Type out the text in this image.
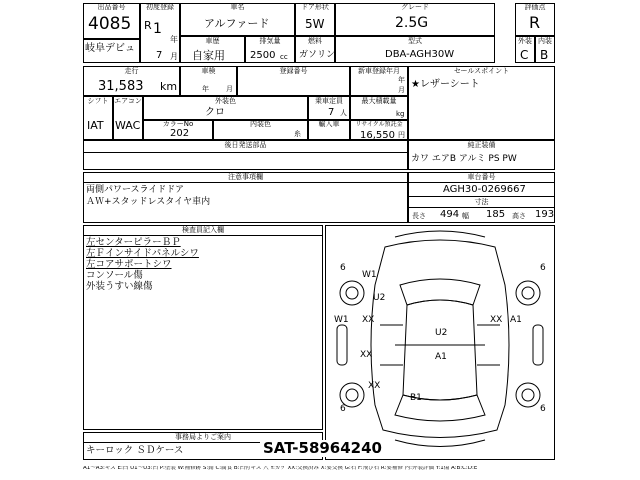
出品番号
4085
初度登録
R 1
年
7 月
車名
アルファード
ドア形状
5W
グレード
2.5G
評価点
R
岐阜デビュ
車歴
自家用
排気量
2500 cc
燃料
ガソリン
型式
DBA-AGH30W
外装
C
内装
B
走行
31,583 km
車検
年 月
登録番号	新車登録年月
年
月
セールスポイント
★レザーシート
シフト
IAT
エアコン
WAC
外装色
クロ
乗車定員
7 人
最大積載量
kg
カラーNo
202
内装色
糸
輸入車	リサイクル預託金
16,550 円
純正装備
カワ エアB アルミ PS PW
後日発送部品
注意事項欄
両側パワースライドドア
ＡＷ+スタッドレスタイヤ車内
車台番号
AGH30-0269667
寸法
長さ 494 幅 185 高さ 193
検査員記入欄
左センターピラーＢＰ
左Ｆインサイドパネルシワ
左コアサポートシワ
コンソール傷
外装うすい線傷
事務局よりご案内
キーロック ＳＤケース
6	6
6	6
W1
U2
W1 XX	XX
U2
A1
XX	A1
XX
B1
SAT-58964240
A1～A3:キズ E:凹 U1～U3:凹 P:塗装 W:補修跡 S:錆 C:腐食 B:凹付キズ 穴 Y:カケ XX:交換済み X:要交換 G:石 F:飛び石 R:要補修 内:外装評価 Y:1傷 A:B:C:D:E
